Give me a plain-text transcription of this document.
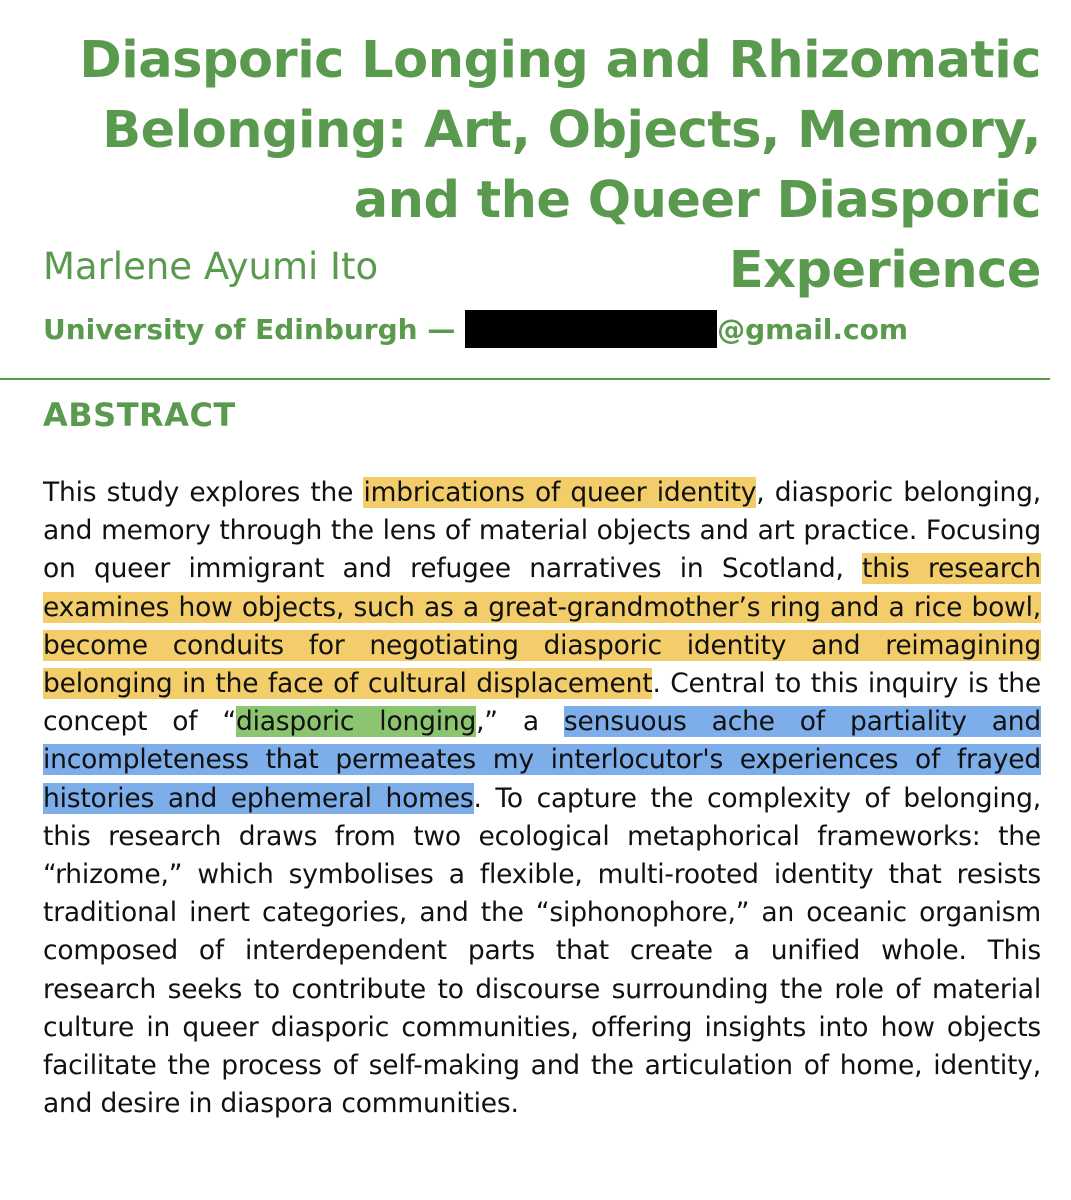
Diasporic Longing and Rhizomatic Belonging: Art, Objects, Memory, and the Queer Diasporic Experience

Marlene Ayumi Ito

University of Edinburgh —	@gmail.com

ABSTRACT

This study explores the imbrications of queer identity, diasporic belonging, and memory through the lens of material objects and art practice. Focusing on queer immigrant and refugee narratives in Scotland, this research examines how objects, such as a great-grandmother’s ring and a rice bowl, become conduits for negotiating diasporic identity and reimagining belonging in the face of cultural displacement. Central to this inquiry is the concept of “diasporic longing,” a sensuous ache of partiality and incompleteness that permeates my interlocutor's experiences of frayed histories and ephemeral homes. To capture the complexity of belonging, this research draws from two ecological metaphorical frameworks: the “rhizome,” which symbolises a flexible, multi-rooted identity that resists traditional inert categories, and the “siphonophore,” an oceanic organism composed of interdependent parts that create a unified whole. This research seeks to contribute to discourse surrounding the role of material culture in queer diasporic communities, offering insights into how objects facilitate the process of self-making and the articulation of home, identity, and desire in diaspora communities.
